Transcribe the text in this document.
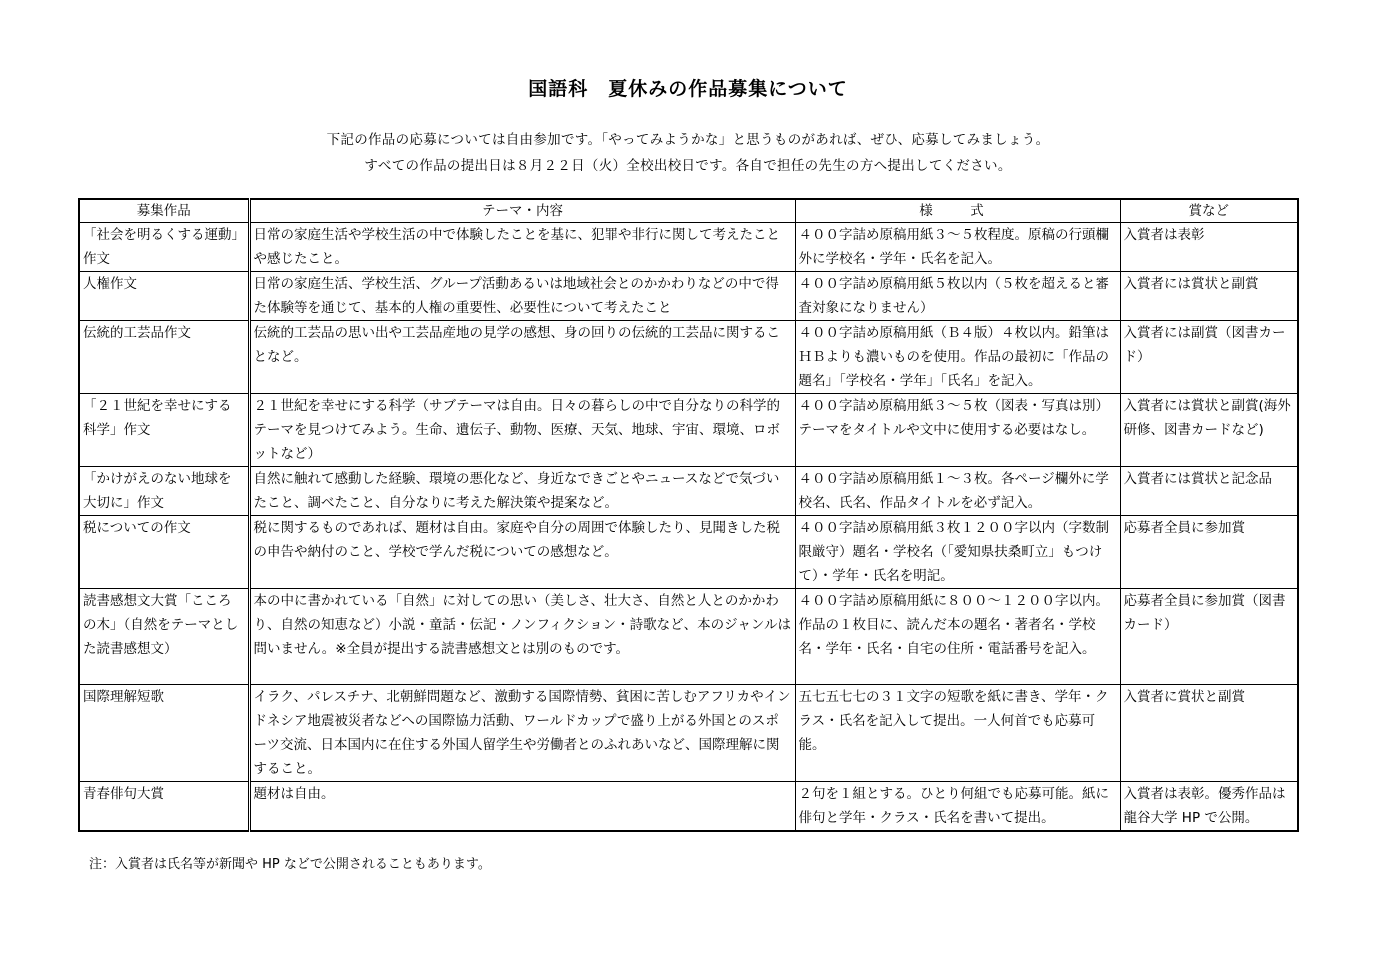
国語科　夏休みの作品募集について
下記の作品の応募については自由参加です。「やってみようかな」と思うものがあれば、ぜひ、応募してみましょう。
すべての作品の提出日は８月２２日（火）全校出校日です。各自で担任の先生の方へ提出してください。
募集作品	テーマ・内容	様　式	賞など
「社会を明るくする運動」作文	日常の家庭生活や学校生活の中で体験したことを基に、犯罪や非行に関して考えたことや感じたこと。	４００字詰め原稿用紙３～５枚程度。原稿の行頭欄外に学校名・学年・氏名を記入。	入賞者は表彰
人権作文	日常の家庭生活、学校生活、グループ活動あるいは地域社会とのかかわりなどの中で得た体験等を通じて、基本的人権の重要性、必要性について考えたこと	４００字詰め原稿用紙５枚以内（５枚を超えると審査対象になりません）	入賞者には賞状と副賞
伝統的工芸品作文	伝統的工芸品の思い出や工芸品産地の見学の感想、身の回りの伝統的工芸品に関することなど。	４００字詰め原稿用紙（Ｂ４版）４枚以内。鉛筆はＨＢよりも濃いものを使用。作品の最初に「作品の題名」「学校名・学年」「氏名」を記入。	入賞者には副賞（図書カード）
「２１世紀を幸せにする科学」作文	２１世紀を幸せにする科学（サブテーマは自由。日々の暮らしの中で自分なりの科学的テーマを見つけてみよう。生命、遺伝子、動物、医療、天気、地球、宇宙、環境、ロボットなど）	４００字詰め原稿用紙３～５枚（図表・写真は別）テーマをタイトルや文中に使用する必要はなし。	入賞者には賞状と副賞(海外研修、図書カードなど)
「かけがえのない地球を大切に」作文	自然に触れて感動した経験、環境の悪化など、身近なできごとやニュースなどで気づいたこと、調べたこと、自分なりに考えた解決策や提案など。	４００字詰め原稿用紙１～３枚。各ページ欄外に学校名、氏名、作品タイトルを必ず記入。	入賞者には賞状と記念品
税についての作文	税に関するものであれば、題材は自由。家庭や自分の周囲で体験したり、見聞きした税の申告や納付のこと、学校で学んだ税についての感想など。	４００字詰め原稿用紙３枚１２００字以内（字数制限厳守）題名・学校名（「愛知県扶桑町立」もつけて）・学年・氏名を明記。	応募者全員に参加賞
読書感想文大賞「こころの木」（自然をテーマとした読書感想文）	本の中に書かれている「自然」に対しての思い（美しさ、壮大さ、自然と人とのかかわり、自然の知恵など）小説・童話・伝記・ノンフィクション・詩歌など、本のジャンルは問いません。※全員が提出する読書感想文とは別のものです。	４００字詰め原稿用紙に８００～１２００字以内。作品の１枚目に、読んだ本の題名・著者名・学校名・学年・氏名・自宅の住所・電話番号を記入。	応募者全員に参加賞（図書カード）
国際理解短歌	イラク、パレスチナ、北朝鮮問題など、激動する国際情勢、貧困に苦しむアフリカやインドネシア地震被災者などへの国際協力活動、ワールドカップで盛り上がる外国とのスポーツ交流、日本国内に在住する外国人留学生や労働者とのふれあいなど、国際理解に関すること。	五七五七七の３１文字の短歌を紙に書き、学年・クラス・氏名を記入して提出。一人何首でも応募可能。	入賞者に賞状と副賞
青春俳句大賞	題材は自由。	２句を１組とする。ひとり何組でも応募可能。紙に俳句と学年・クラス・氏名を書いて提出。	入賞者は表彰。優秀作品は龍谷大学 HP で公開。
注：入賞者は氏名等が新聞や HP などで公開されることもあります。
